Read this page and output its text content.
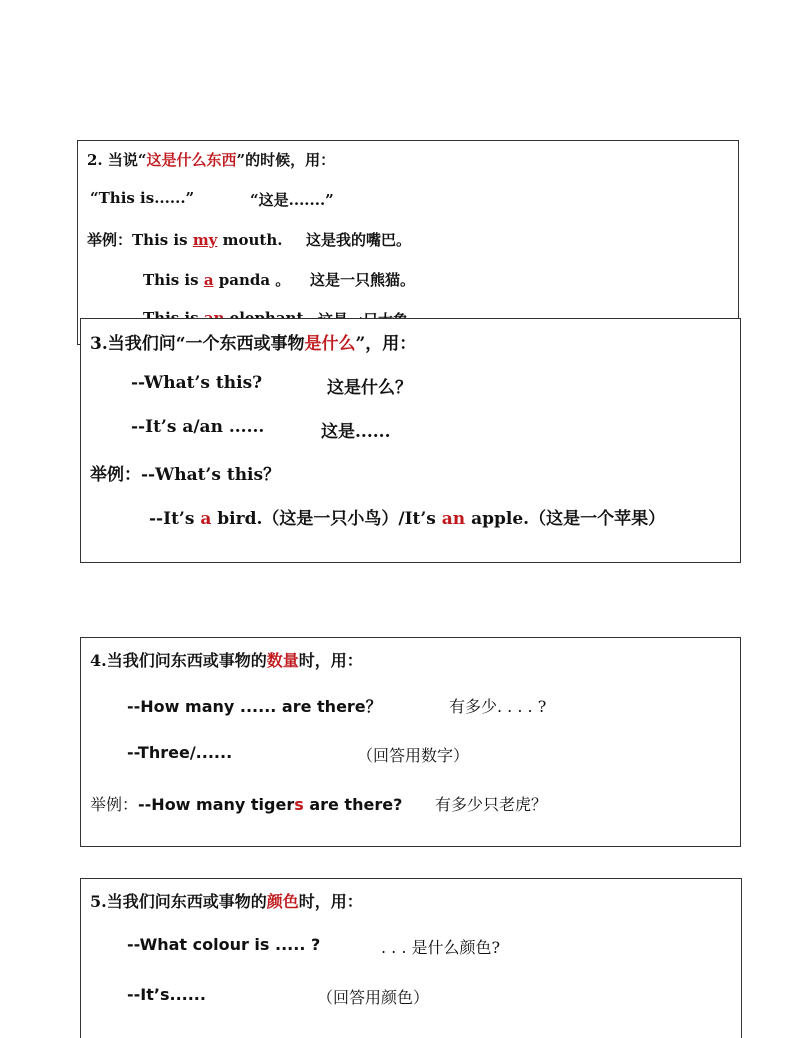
2. 当说“这是什么东西”的时候，用：
“This is......”	“这是.......”
举例：This is my mouth. 这是我的嘴巴。
This is a panda 。 这是一只熊猫。
3.当我们问“一个东西或事物是什么”，用：
--What’s this?	这是什么？
--It’s a/an ......	这是......
举例：--What’s this？
--It’s a bird.（这是一只小鸟）/It’s an apple.（这是一个苹果）
4.当我们问东西或事物的数量时，用：
--How many ...... are there？	有多少. . . . ?
--Three/......	（回答用数字）
举例：--How many tigers are there? 有多少只老虎？
5.当我们问东西或事物的颜色时，用：
--What colour is ..... ?	. . . 是什么颜色?
--It’s......	（回答用颜色）
